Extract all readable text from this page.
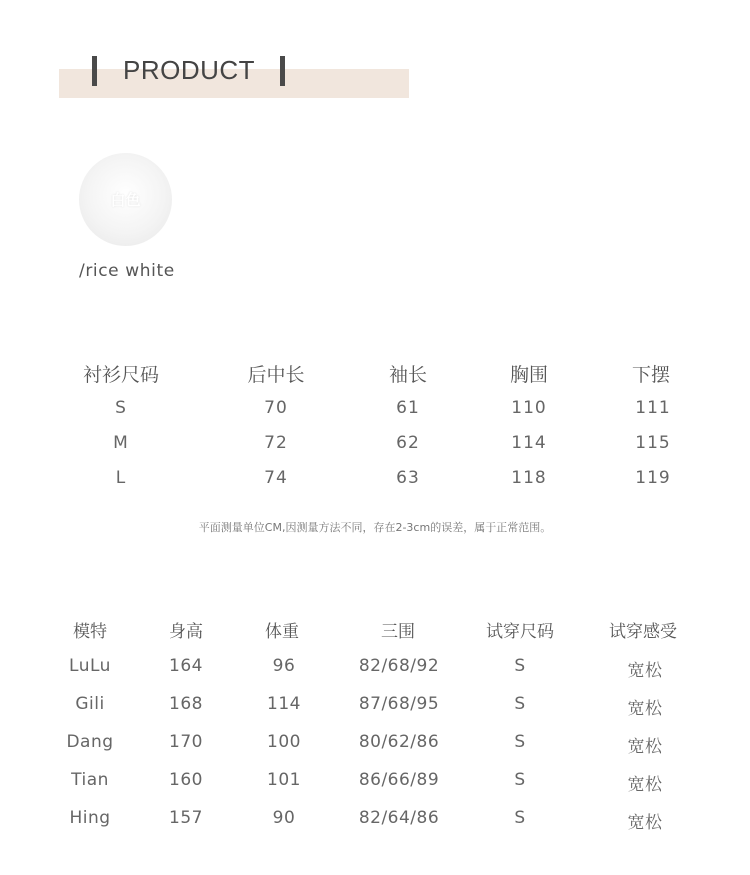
PRODUCT
白色
/rice white
衬衫尺码	后中长	袖长	胸围	下摆
S	70	61	110	111
M	72	62	114	115
L	74	63	118	119
平面测量单位CM,因测量方法不同，存在2-3cm的误差，属于正常范围。
模特	身高	体重	三围	试穿尺码	试穿感受
LuLu	164	96	82/68/92	S	宽松
Gili	168	114	87/68/95	S	宽松
Dang	170	100	80/62/86	S	宽松
Tian	160	101	86/66/89	S	宽松
Hing	157	90	82/64/86	S	宽松
